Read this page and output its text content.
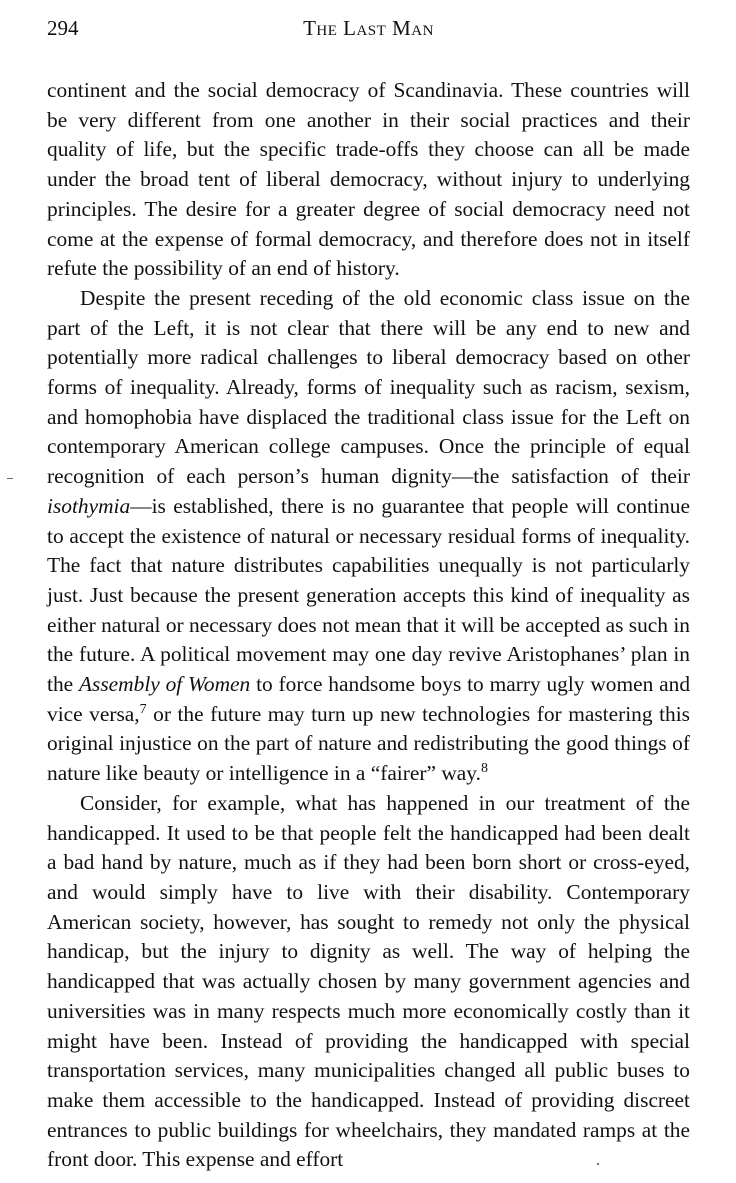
294	The Last Man

continent and the social democracy of Scandinavia. These countries will be very different from one another in their social practices and their quality of life, but the specific trade-offs they choose can all be made under the broad tent of liberal democracy, without injury to underlying principles. The desire for a greater degree of social democracy need not come at the expense of formal democracy, and therefore does not in itself refute the possibility of an end of history.

Despite the present receding of the old economic class issue on the part of the Left, it is not clear that there will be any end to new and potentially more radical challenges to liberal democracy based on other forms of inequality. Already, forms of inequality such as racism, sexism, and homophobia have displaced the traditional class issue for the Left on contemporary American college campuses. Once the principle of equal recognition of each person’s human dignity—the satisfaction of their isothymia—is established, there is no guarantee that people will continue to accept the existence of natural or necessary residual forms of inequality. The fact that nature distributes capabilities unequally is not particularly just. Just because the present generation accepts this kind of inequality as either natural or necessary does not mean that it will be accepted as such in the future. A political movement may one day revive Aristophanes’ plan in the Assembly of Women to force handsome boys to marry ugly women and vice versa,$^7$ or the future may turn up new technologies for mastering this original injustice on the part of nature and redistributing the good things of nature like beauty or intelligence in a “fairer” way.$^8$

Consider, for example, what has happened in our treatment of the handicapped. It used to be that people felt the handicapped had been dealt a bad hand by nature, much as if they had been born short or cross-eyed, and would simply have to live with their disability. Contemporary American society, however, has sought to remedy not only the physical handicap, but the injury to dignity as well. The way of helping the handicapped that was actually chosen by many government agencies and universities was in many respects much more economically costly than it might have been. Instead of providing the handicapped with special transportation services, many municipalities changed all public buses to make them accessible to the handicapped. Instead of providing discreet entrances to public buildings for wheelchairs, they mandated ramps at the front door. This expense and effort
